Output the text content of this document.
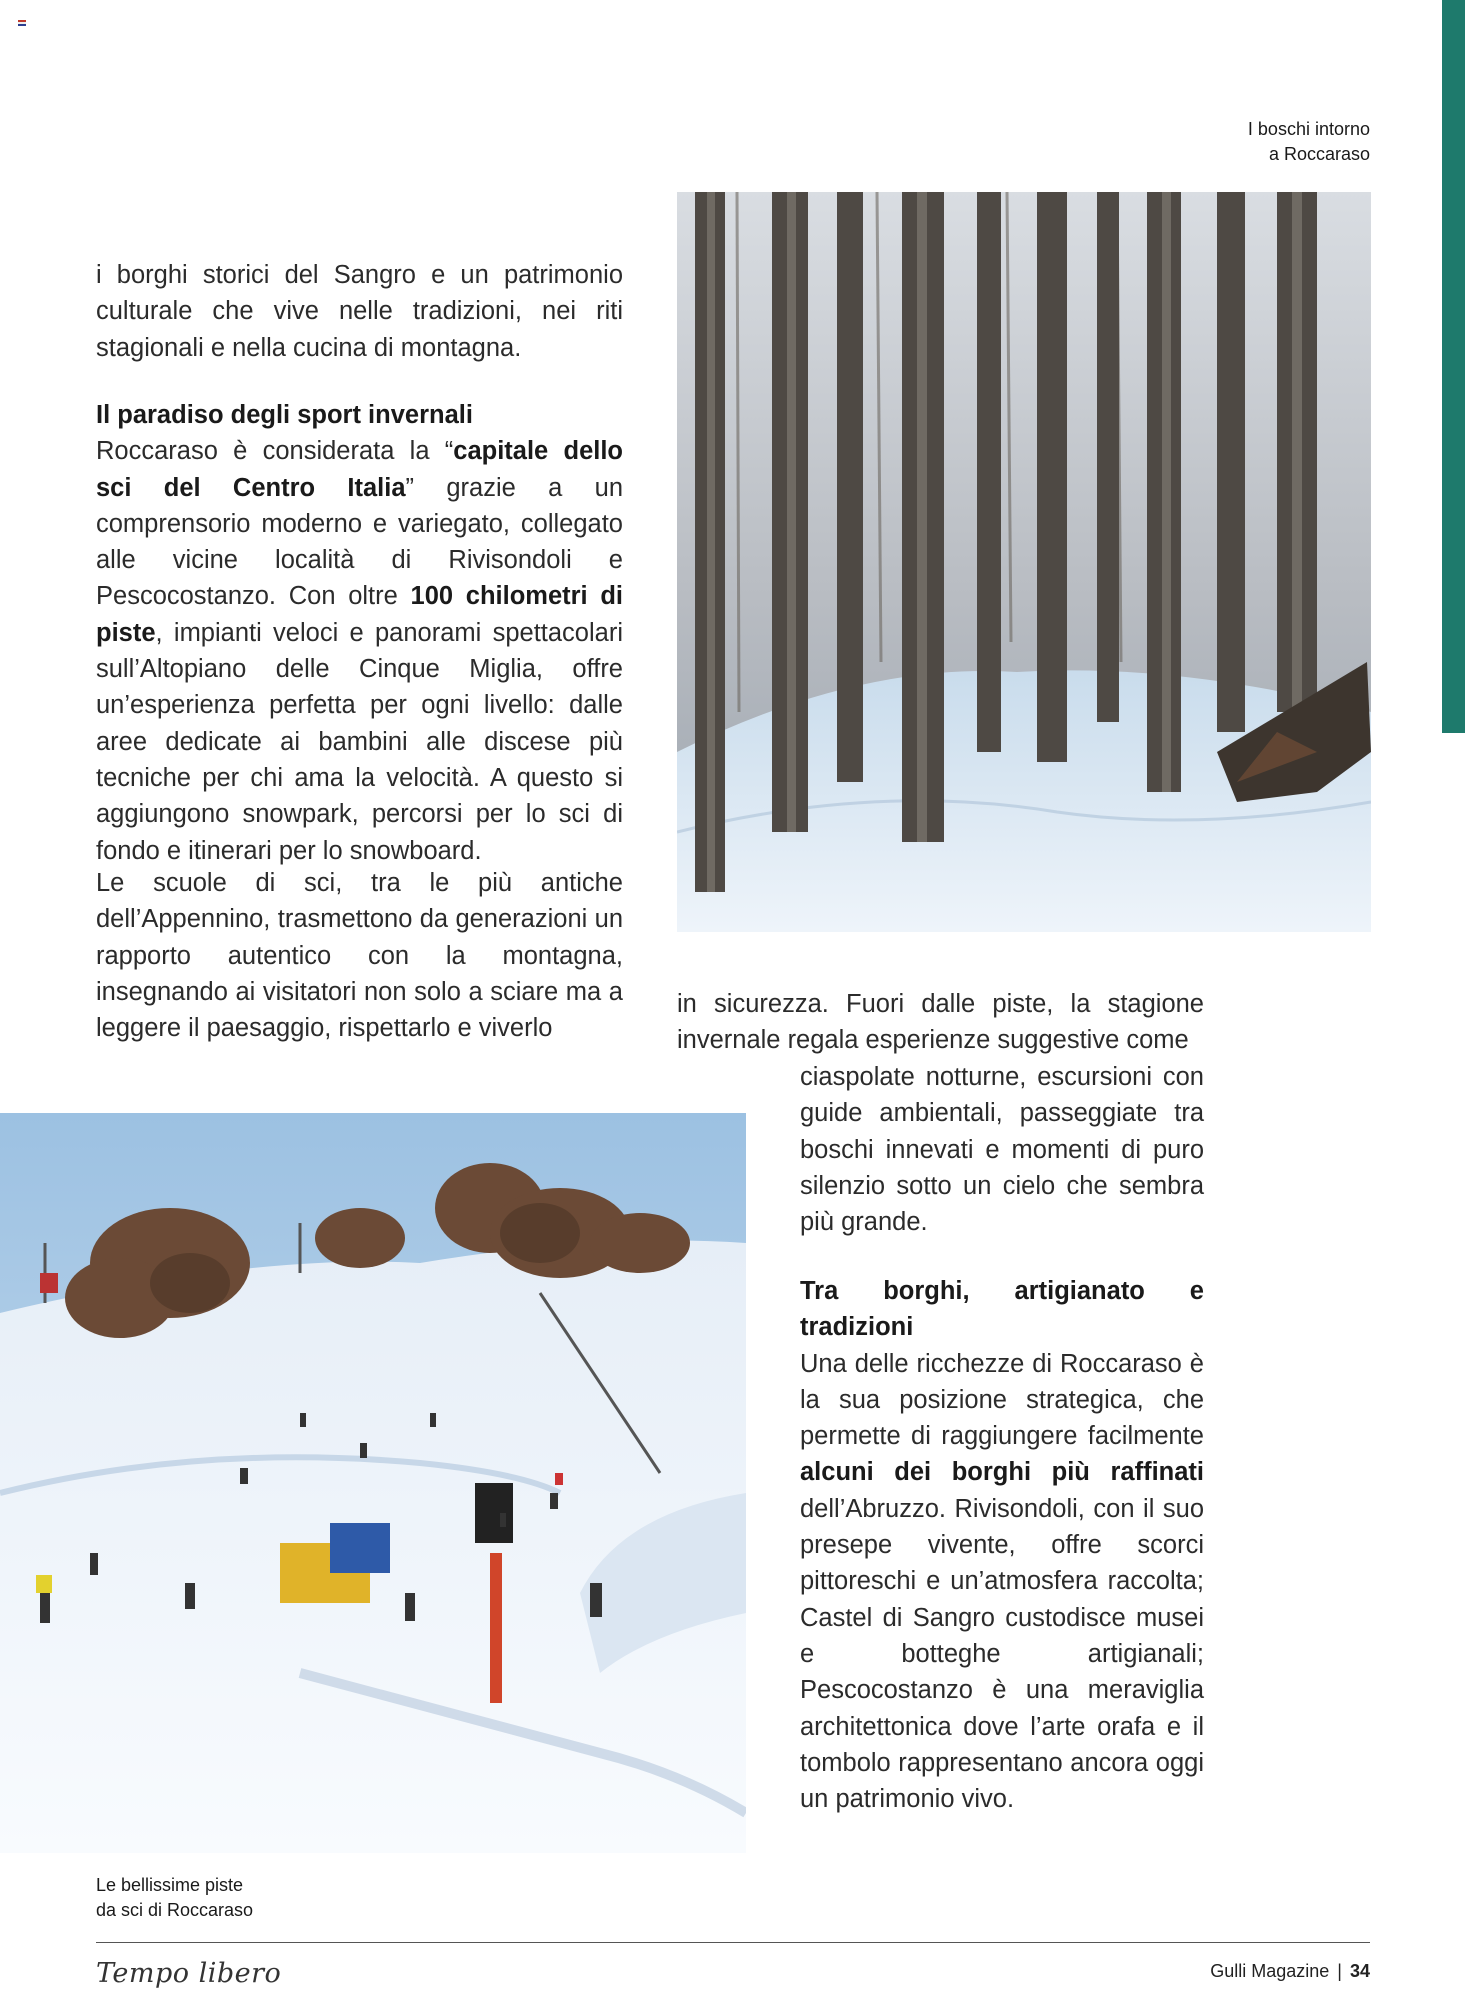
I boschi intorno
a Roccaraso

i borghi storici del Sangro e un patrimonio culturale che vive nelle tradizioni, nei riti stagionali e nella cucina di montagna.

Il paradiso degli sport invernali

Roccaraso è considerata la “capitale dello sci del Centro Italia” grazie a un comprensorio moderno e variegato, collegato alle vicine località di Rivisondoli e Pescocostanzo. Con oltre 100 chilometri di piste, impianti veloci e panorami spettacolari sull’Altopiano delle Cinque Miglia, offre un’esperienza perfetta per ogni livello: dalle aree dedicate ai bambini alle discese più tecniche per chi ama la velocità. A questo si aggiungono snowpark, percorsi per lo sci di fondo e itinerari per lo snowboard.

Le scuole di sci, tra le più antiche dell’Appennino, trasmettono da generazioni un rapporto autentico con la montagna, insegnando ai visitatori non solo a sciare ma a leggere il paesaggio, rispettarlo e viverlo

in sicurezza. Fuori dalle piste, la stagione invernale regala esperienze suggestive come

ciaspolate notturne, escursioni con guide ambientali, passeggiate tra boschi innevati e momenti di puro silenzio sotto un cielo che sembra più grande.

Tra borghi, artigianato e tradizioni

Una delle ricchezze di Roccaraso è la sua posizione strategica, che permette di raggiungere facilmente alcuni dei borghi più raffinati dell’Abruzzo. Rivisondoli, con il suo presepe vivente, offre scorci pittoreschi e un’atmosfera raccolta; Castel di Sangro custodisce musei e botteghe artigianali; Pescocostanzo è una meraviglia architettonica dove l’arte orafa e il tombolo rappresentano ancora oggi un patrimonio vivo.

Le bellissime piste
da sci di Roccaraso
Tempo libero	Gulli Magazine | 34
